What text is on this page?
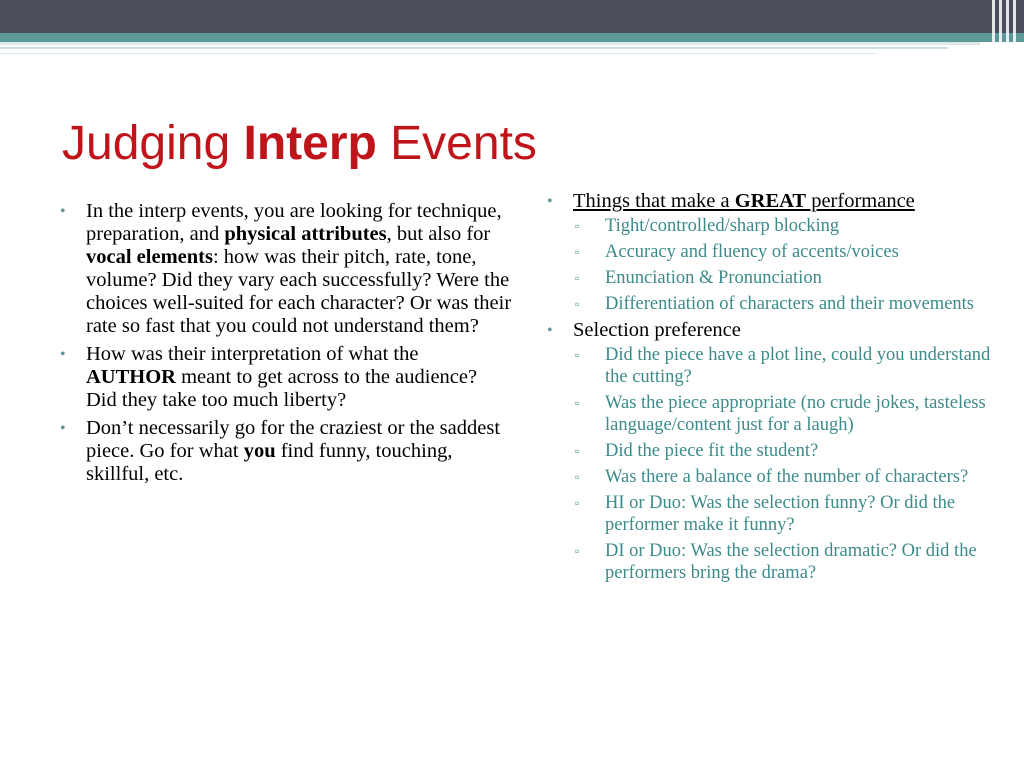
Judging Interp Events
• In the interp events, you are looking for technique, preparation, and physical attributes, but also for vocal elements: how was their pitch, rate, tone, volume? Did they vary each successfully? Were the choices well-suited for each character? Or was their rate so fast that you could not understand them?
• How was their interpretation of what the AUTHOR meant to get across to the audience? Did they take too much liberty?
• Don’t necessarily go for the craziest or the saddest piece. Go for what you find funny, touching, skillful, etc.
• Things that make a GREAT performance
▫ Tight/controlled/sharp blocking
▫ Accuracy and fluency of accents/voices
▫ Enunciation & Pronunciation
▫ Differentiation of characters and their movements
• Selection preference
▫ Did the piece have a plot line, could you understand the cutting?
▫ Was the piece appropriate (no crude jokes, tasteless language/content just for a laugh)
▫ Did the piece fit the student?
▫ Was there a balance of the number of characters?
▫ HI or Duo: Was the selection funny? Or did the performer make it funny?
▫ DI or Duo: Was the selection dramatic? Or did the performers bring the drama?
